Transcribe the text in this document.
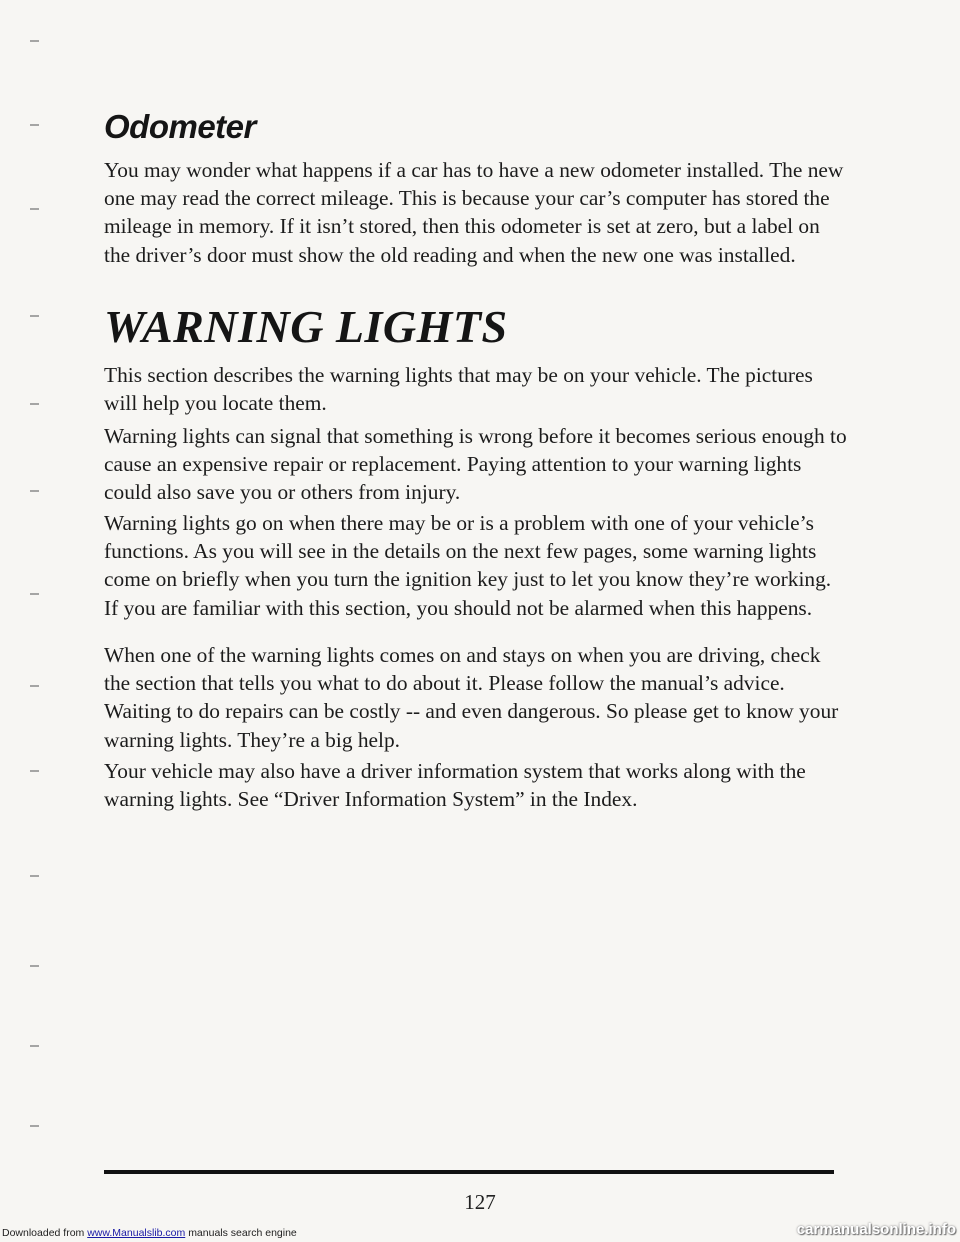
Odometer

You may wonder what happens if a car has to have a new odometer installed. The new one may read the correct mileage. This is because your car’s computer has stored the mileage in memory. If it isn’t stored, then this odometer is set at zero, but a label on the driver’s door must show the old reading and when the new one was installed.

WARNING LIGHTS

This section describes the warning lights that may be on your vehicle. The pictures will help you locate them.

Warning lights can signal that something is wrong before it becomes serious enough to cause an expensive repair or replacement. Paying attention to your warning lights could also save you or others from injury.

Warning lights go on when there may be or is a problem with one of your vehicle’s functions. As you will see in the details on the next few pages, some warning lights come on briefly when you turn the ignition key just to let you know they’re working. If you are familiar with this section, you should not be alarmed when this happens.

When one of the warning lights comes on and stays on when you are driving, check the section that tells you what to do about it. Please follow the manual’s advice. Waiting to do repairs can be costly -- and even dangerous. So please get to know your warning lights. They’re a big help.

Your vehicle may also have a driver information system that works along with the warning lights. See “Driver Information System” in the Index.

127
Downloaded from www.Manualslib.com manuals search engine	carmanualsonline.info
